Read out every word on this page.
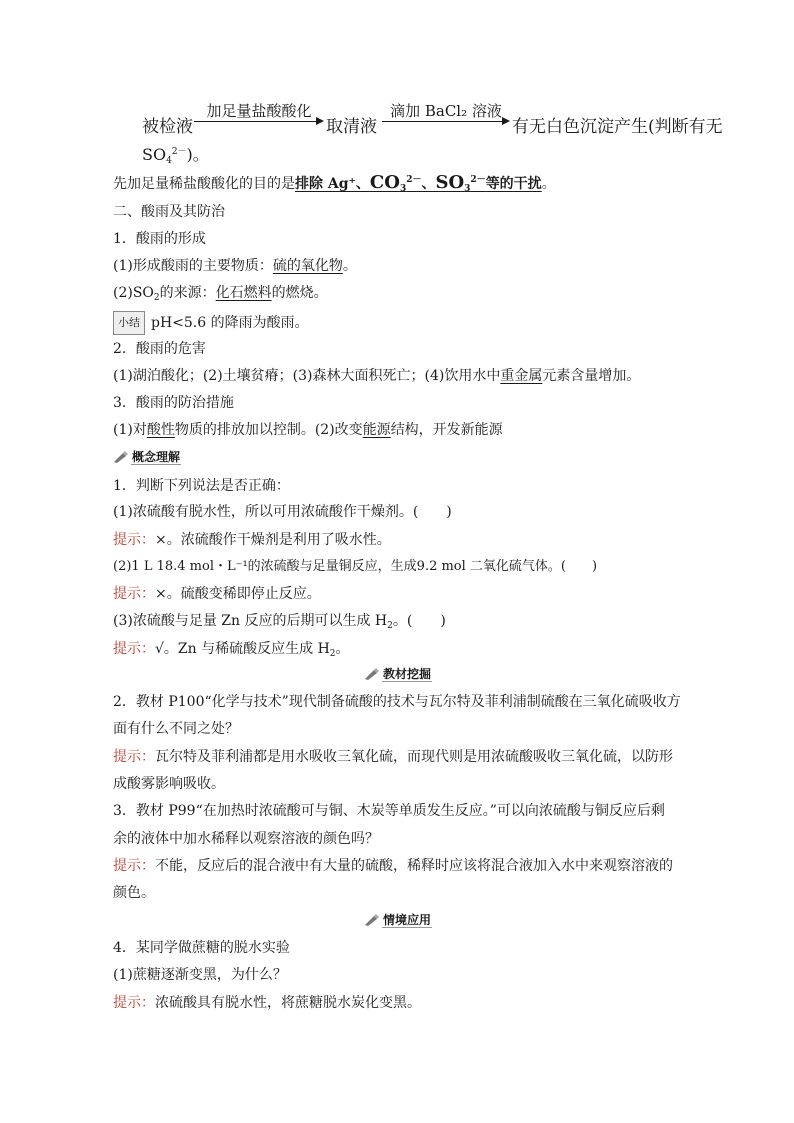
被检液
加足量盐酸酸化
取清液
滴加 BaCl₂ 溶液
有无白色沉淀产生(判断有无
$SO_4^{2-}$)。
先加足量稀盐酸酸化的目的是排除 Ag⁺、$CO_3^{2-}$、$SO_3^{2-}$等的干扰。
二、酸雨及其防治
1．酸雨的形成
(1)形成酸雨的主要物质：硫的氧化物。
$(2)SO_2$的来源：化石燃料的燃烧。
小结 pH<5.6 的降雨为酸雨。
2．酸雨的危害
(1)湖泊酸化；(2)土壤贫瘠；(3)森林大面积死亡；(4)饮用水中重金属元素含量增加。
3．酸雨的防治措施
(1)对酸性物质的排放加以控制。(2)改变能源结构，开发新能源
概念理解
1．判断下列说法是否正确：
(1)浓硫酸有脱水性，所以可用浓硫酸作干燥剂。(　　)
提示：×。浓硫酸作干燥剂是利用了吸水性。
(2)1 L 18.4 mol・L⁻¹的浓硫酸与足量铜反应，生成9.2 mol 二氧化硫气体。(　　)
提示：×。硫酸变稀即停止反应。
(3)浓硫酸与足量 Zn 反应的后期可以生成 $H_2$。(　　)
提示：√。Zn 与稀硫酸反应生成 $H_2$。
教材挖掘
2．教材 P100“化学与技术”现代制备硫酸的技术与瓦尔特及菲利浦制硫酸在三氧化硫吸收方
面有什么不同之处？
提示：瓦尔特及菲利浦都是用水吸收三氧化硫，而现代则是用浓硫酸吸收三氧化硫，以防形
成酸雾影响吸收。
3．教材 P99“在加热时浓硫酸可与铜、木炭等单质发生反应。”可以向浓硫酸与铜反应后剩
余的液体中加水稀释以观察溶液的颜色吗？
提示：不能，反应后的混合液中有大量的硫酸，稀释时应该将混合液加入水中来观察溶液的
颜色。
情境应用
4．某同学做蔗糖的脱水实验
(1)蔗糖逐渐变黑，为什么？
提示：浓硫酸具有脱水性，将蔗糖脱水炭化变黑。
